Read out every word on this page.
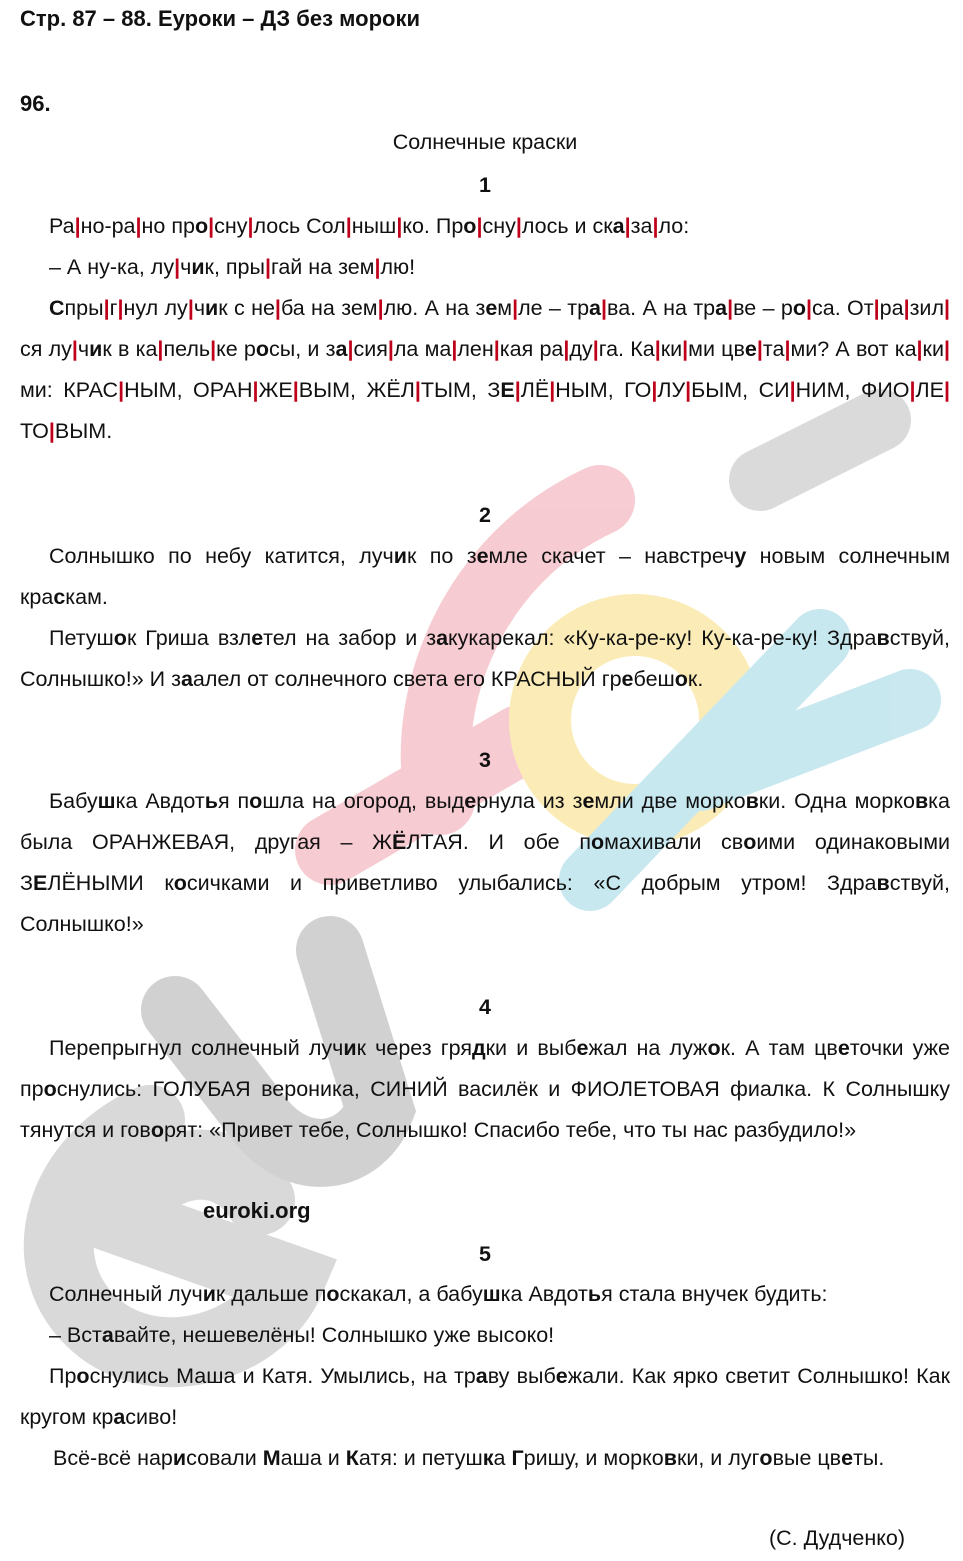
Стр. 87 – 88. Еуроки – ДЗ без мороки
96.
Солнечные краски
1

Ра|но-ра|но про|сну|лось Сол|ныш|ко. Про|сну|лось и ска|за|ло:

– А ну-ка, лу|чик, пры|гай на зем|лю!

Спры|г|нул лу|чик с не|ба на зем|лю. А на зем|ле – тра|ва. А на тра|ве – ро|са. От|ра|зил|ся лу|чик в ка|пель|ке росы, и за|сия|ла ма|лен|кая ра|ду|га. Ка|ки|ми цве|та|ми? А вот ка|ки|ми: КРАС|НЫМ, ОРАН|ЖЕ|ВЫМ, ЖЁЛ|ТЫМ, ЗЕ|ЛЁ|НЫМ, ГО|ЛУ|БЫМ, СИ|НИМ, ФИО|ЛЕ|ТО|ВЫМ.

2

Солнышко по небу катится, лучик по земле скачет – навстречу новым солнечным краскам.

Петушок Гриша взлетел на забор и закукарекал: «Ку-ка-ре-ку! Ку-ка-ре-ку! Здравствуй, Солнышко!» И заалел от солнечного света его КРАСНЫЙ гребешок.

3

Бабушка Авдотья пошла на огород, выдернула из земли две морковки. Одна морковка была ОРАНЖЕВАЯ, другая – ЖЁЛТАЯ. И обе помахивали своими одинаковыми ЗЕЛЁНЫМИ косичками и приветливо улыбались: «С добрым утром! Здравствуй, Солнышко!»

4

Перепрыгнул солнечный лучик через грядки и выбежал на лужок. А там цветочки уже проснулись: ГОЛУБАЯ вероника, СИНИЙ василёк и ФИОЛЕТОВАЯ фиалка. К Солнышку тянутся и говорят: «Привет тебе, Солнышко! Спасибо тебе, что ты нас разбудило!»

euroki.org
5

Солнечный лучик дальше поскакал, а бабушка Авдотья стала внучек будить:

– Вставайте, нешевелёны! Солнышко уже высоко!

Проснулись Маша и Катя. Умылись, на траву выбежали. Как ярко светит Солнышко! Как кругом красиво!

Всё-всё нарисовали Маша и Катя: и петушка Гришу, и морковки, и луговые цветы.

(С. Дудченко)
